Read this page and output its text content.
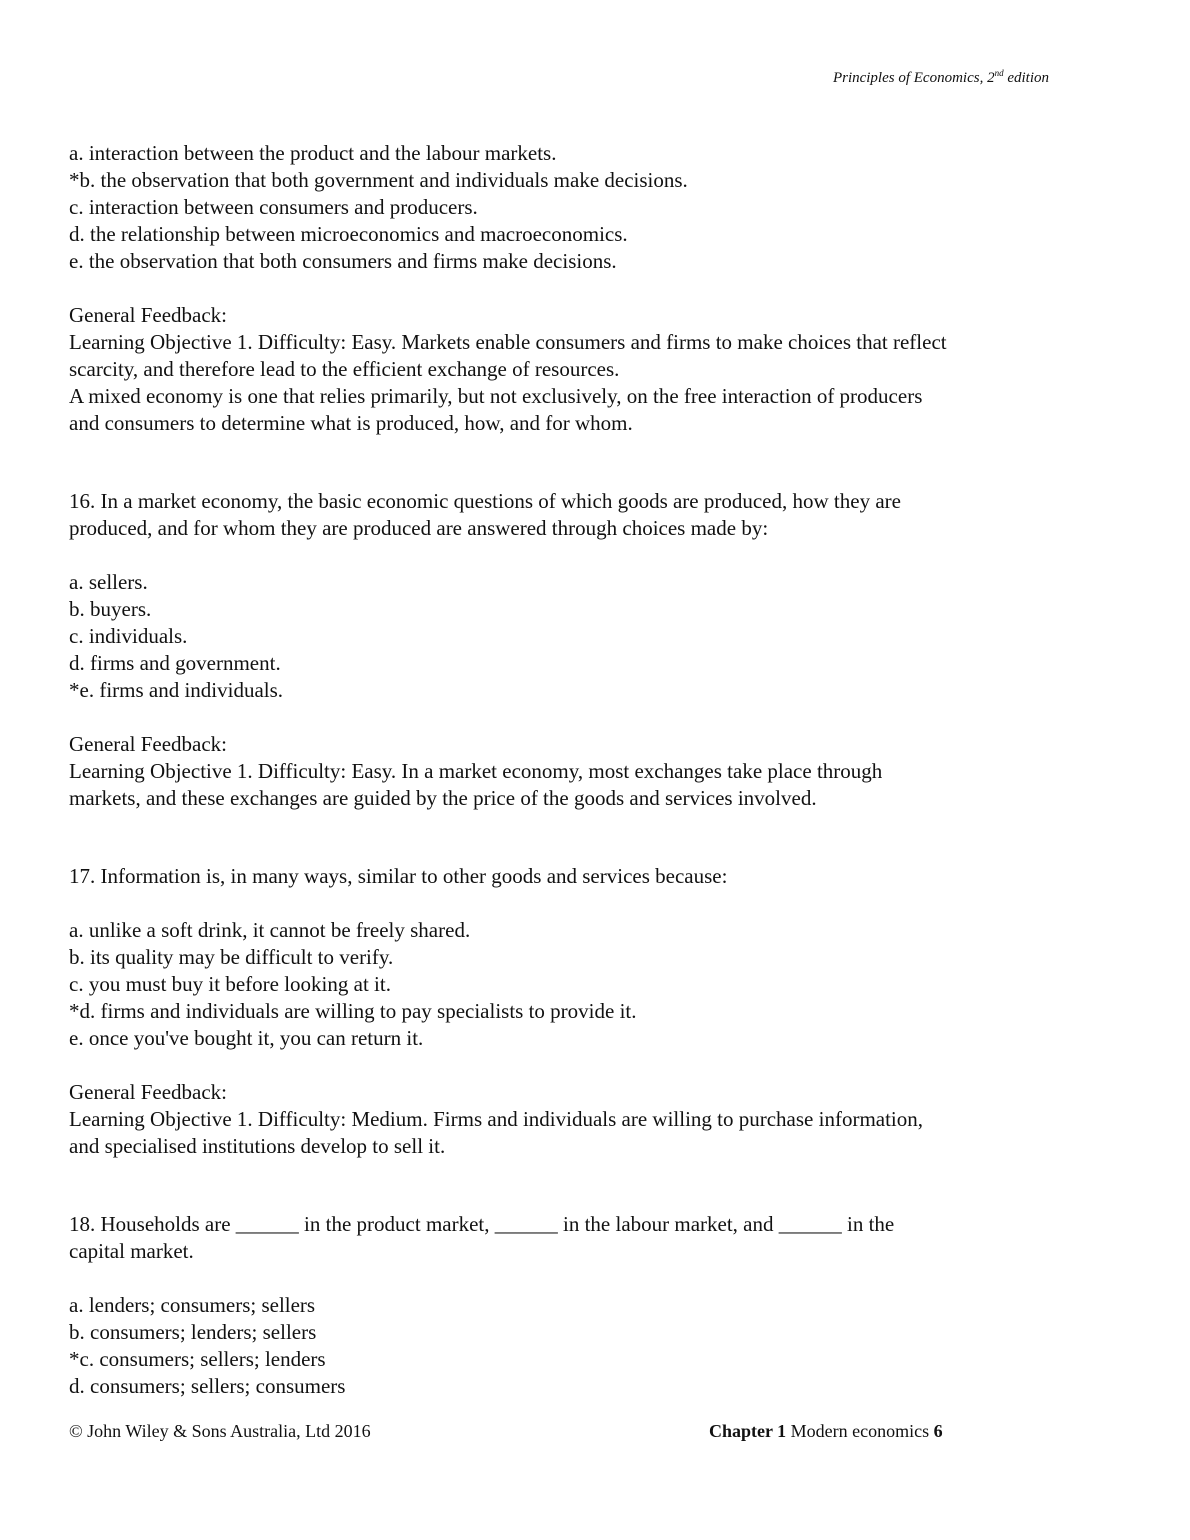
Principles of Economics, 2nd edition
a. interaction between the product and the labour markets.
*b. the observation that both government and individuals make decisions.
c. interaction between consumers and producers.
d. the relationship between microeconomics and macroeconomics.
e. the observation that both consumers and firms make decisions.
General Feedback:
Learning Objective 1. Difficulty: Easy. Markets enable consumers and firms to make choices that reflect
scarcity, and therefore lead to the efficient exchange of resources.
A mixed economy is one that relies primarily, but not exclusively, on the free interaction of producers
and consumers to determine what is produced, how, and for whom.
16. In a market economy, the basic economic questions of which goods are produced, how they are
produced, and for whom they are produced are answered through choices made by:
a. sellers.
b. buyers.
c. individuals.
d. firms and government.
*e. firms and individuals.
General Feedback:
Learning Objective 1. Difficulty: Easy. In a market economy, most exchanges take place through
markets, and these exchanges are guided by the price of the goods and services involved.
17. Information is, in many ways, similar to other goods and services because:
a. unlike a soft drink, it cannot be freely shared.
b. its quality may be difficult to verify.
c. you must buy it before looking at it.
*d. firms and individuals are willing to pay specialists to provide it.
e. once you've bought it, you can return it.
General Feedback:
Learning Objective 1. Difficulty: Medium. Firms and individuals are willing to purchase information,
and specialised institutions develop to sell it.
18. Households are ______ in the product market, ______ in the labour market, and ______ in the
capital market.
a. lenders; consumers; sellers
b. consumers; lenders; sellers
*c. consumers; sellers; lenders
d. consumers; sellers; consumers
© John Wiley & Sons Australia, Ltd 2016	Chapter 1 Modern economics 6
